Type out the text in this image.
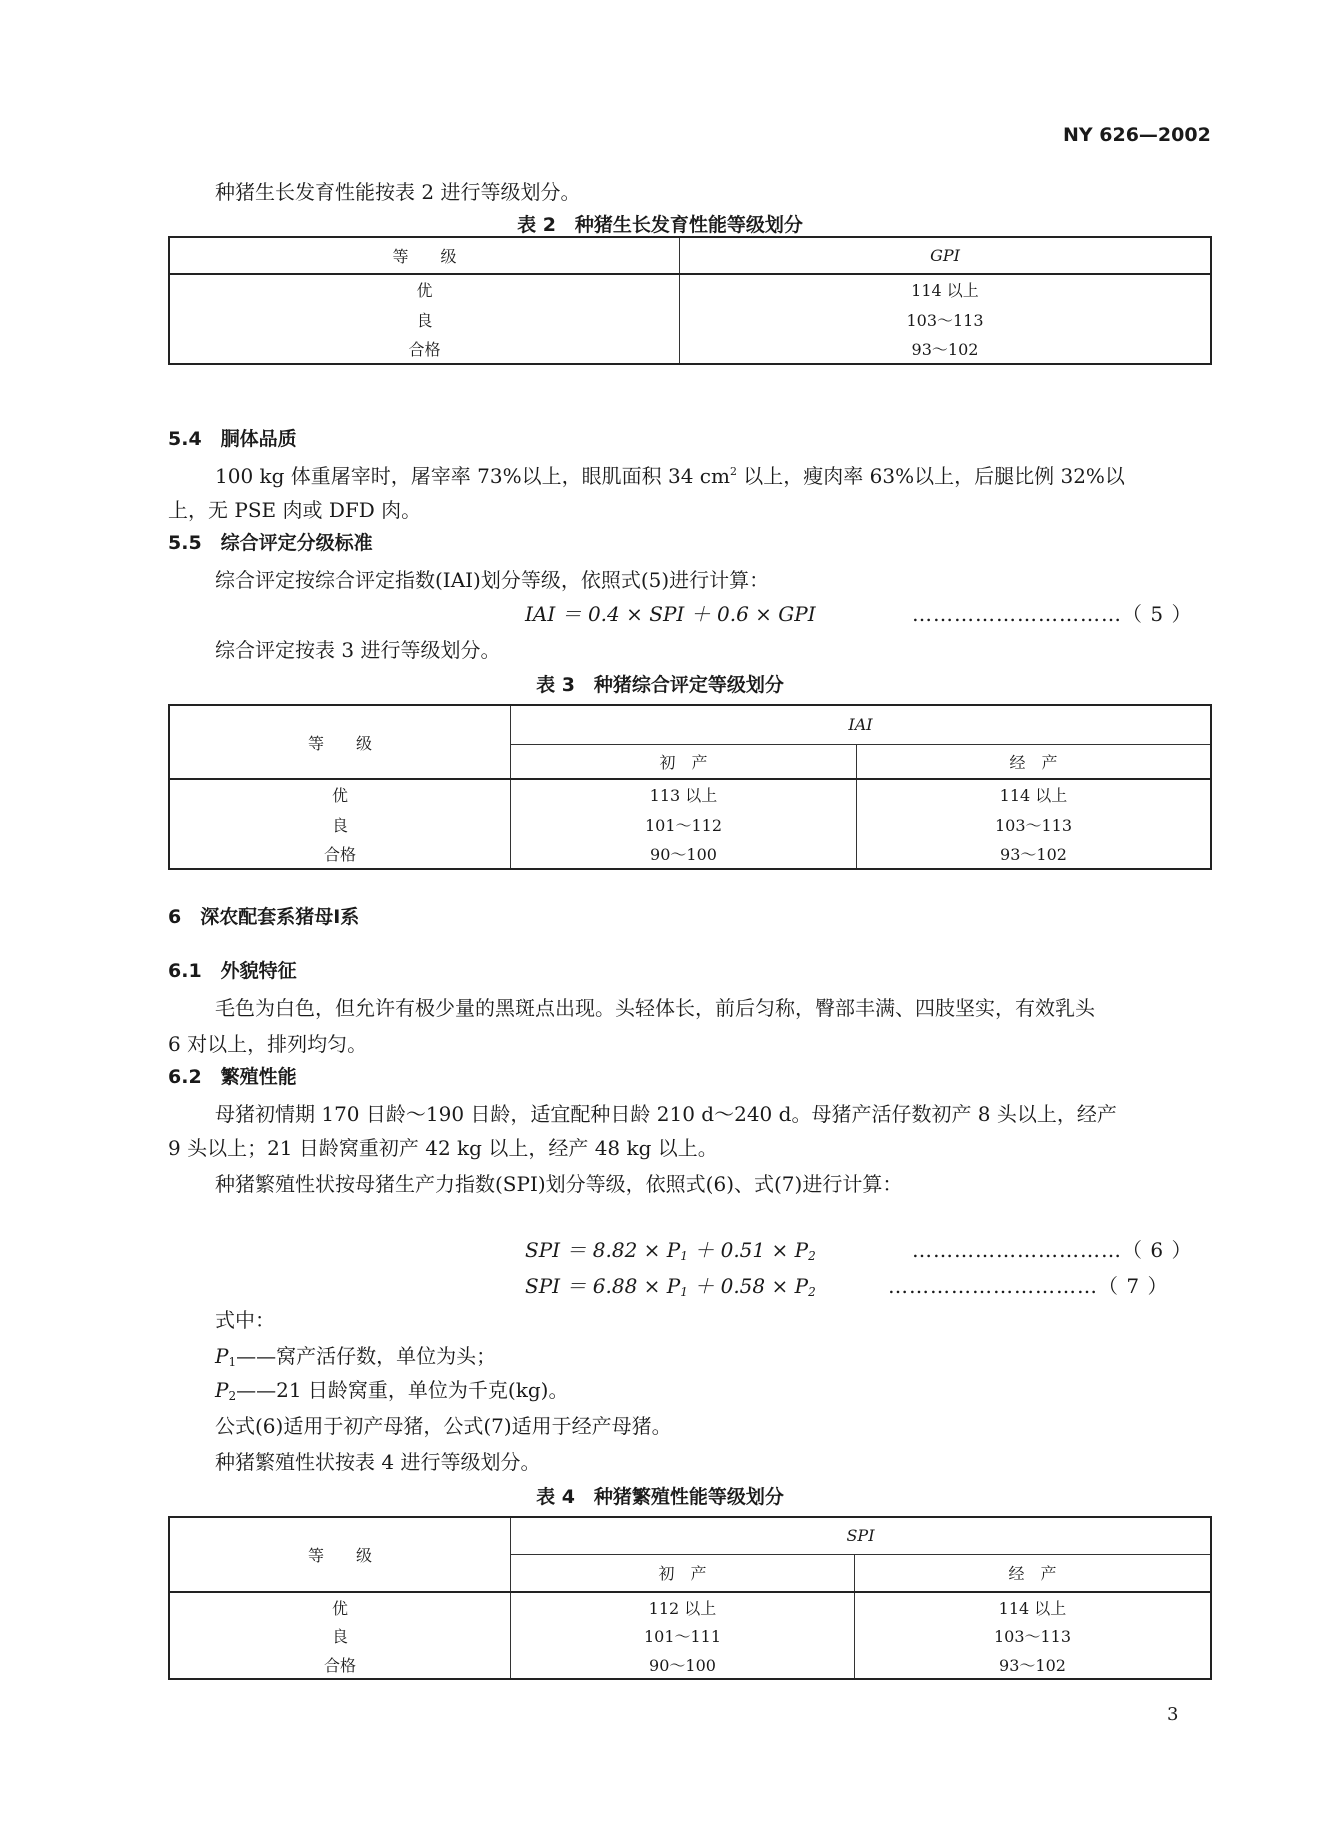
NY 626—2002
种猪生长发育性能按表 2 进行等级划分。
表 2　种猪生长发育性能等级划分
等　　级	GPI
优	114 以上
良	103～113
合格	93～102
5.4　胴体品质
100 kg 体重屠宰时，屠宰率 73%以上，眼肌面积 34 $cm^2$ 以上，瘦肉率 63%以上，后腿比例 32%以
上，无 PSE 肉或 DFD 肉。
5.5　综合评定分级标准
综合评定按综合评定指数(IAI)划分等级，依照式(5)进行计算：
IAI ＝ 0.4 × SPI ＋ 0.6 × GPI	…………………………（ 5 ）
综合评定按表 3 进行等级划分。
表 3　种猪综合评定等级划分
等　　级	IAI	
	初　产	经　产
优	113 以上	114 以上
良	101～112	103～113
合格	90～100	93～102
6　深农配套系猪母Ⅰ系
6.1　外貌特征
毛色为白色，但允许有极少量的黑斑点出现。头轻体长，前后匀称，臀部丰满、四肢坚实，有效乳头
6 对以上，排列均匀。
6.2　繁殖性能
母猪初情期 170 日龄～190 日龄，适宜配种日龄 210 d～240 d。母猪产活仔数初产 8 头以上，经产
9 头以上；21 日龄窝重初产 42 kg 以上，经产 48 kg 以上。
种猪繁殖性状按母猪生产力指数(SPI)划分等级，依照式(6)、式(7)进行计算：
SPI ＝ $8.82 \times P_1 + 0.51 \times P_2$	…………………………（ 6 ）
SPI ＝ $6.88 \times P_1 + 0.58 \times P_2$	…………………………（ 7 ）
式中：
$P_1——$窝产活仔数，单位为头；
$P_2——21$ 日龄窝重，单位为千克(kg)。
公式(6)适用于初产母猪，公式(7)适用于经产母猪。
种猪繁殖性状按表 4 进行等级划分。
表 4　种猪繁殖性能等级划分
等　　级	SPI	
	初　产	经　产
优	112 以上	114 以上
良	101～111	103～113
合格	90～100	93～102
3
